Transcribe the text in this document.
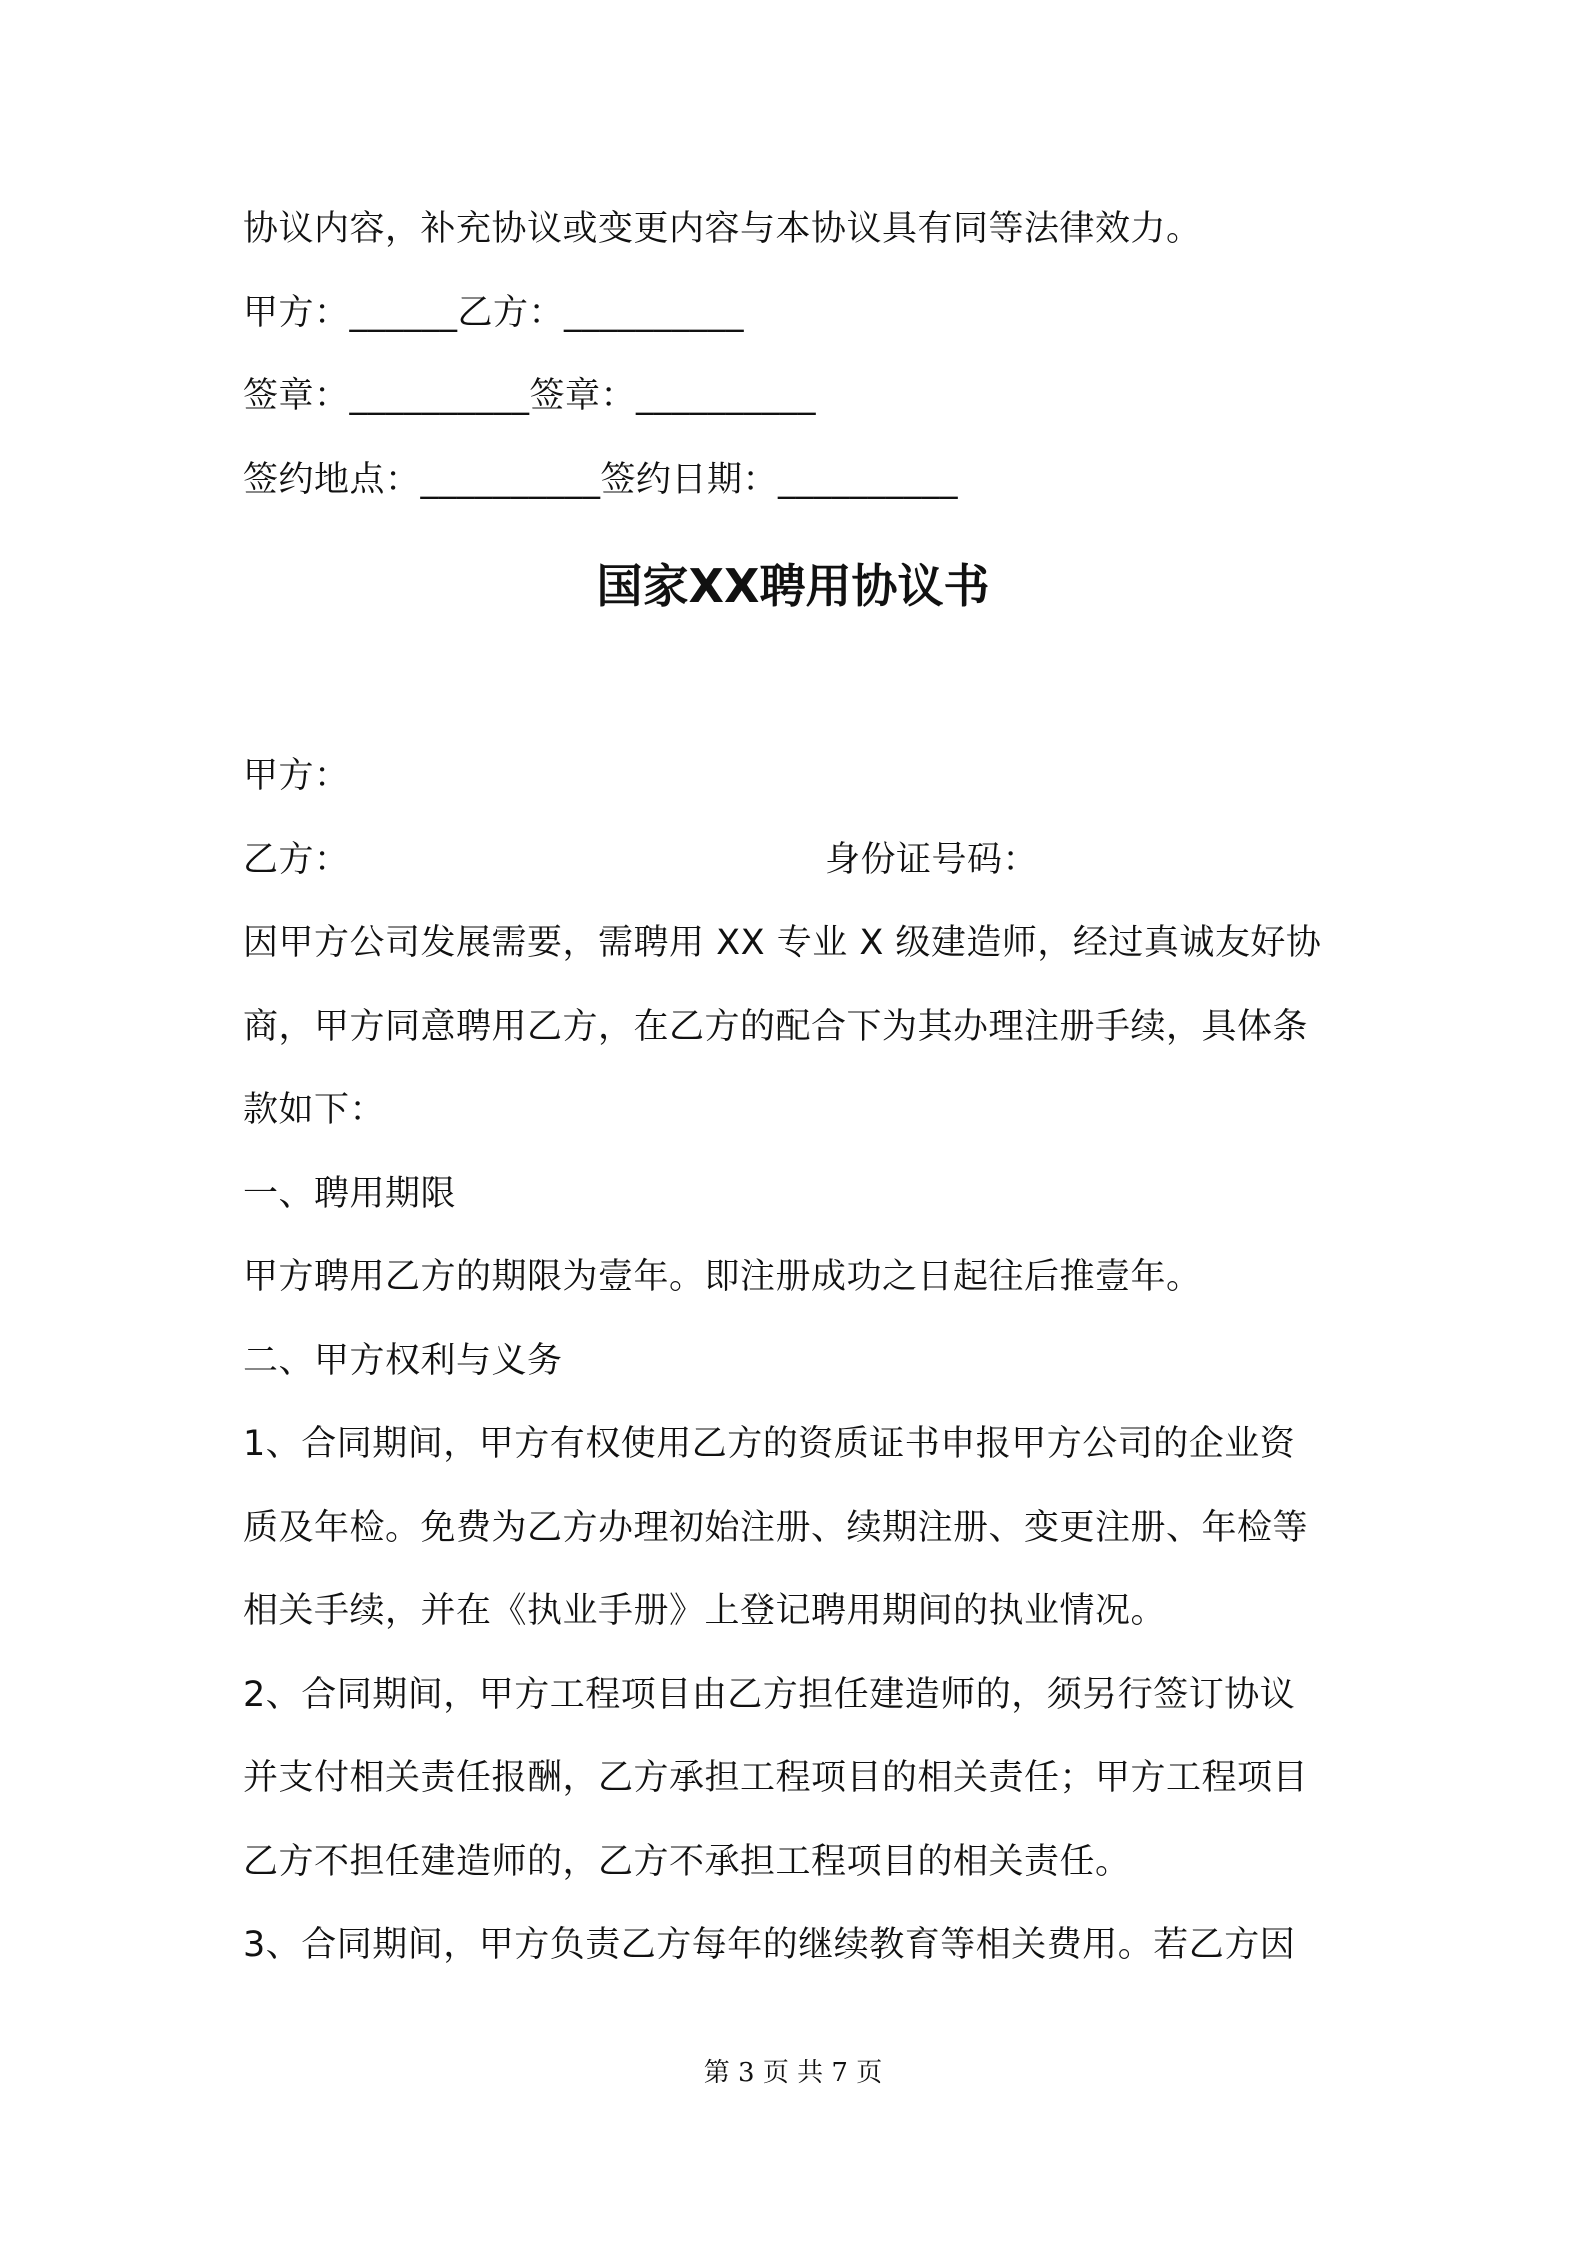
协议内容，补充协议或变更内容与本协议具有同等法律效力。
甲方：______乙方：__________
签章：__________签章：__________
签约地点：__________签约日期：__________
国家XX聘用协议书
甲方：
乙方：	身份证号码：
因甲方公司发展需要，需聘用 XX 专业 X 级建造师，经过真诚友好协
商，甲方同意聘用乙方，在乙方的配合下为其办理注册手续，具体条
款如下：
一、聘用期限
甲方聘用乙方的期限为壹年。即注册成功之日起往后推壹年。
二、甲方权利与义务
1、合同期间，甲方有权使用乙方的资质证书申报甲方公司的企业资
质及年检。免费为乙方办理初始注册、续期注册、变更注册、年检等
相关手续，并在《执业手册》上登记聘用期间的执业情况。
2、合同期间，甲方工程项目由乙方担任建造师的，须另行签订协议
并支付相关责任报酬，乙方承担工程项目的相关责任；甲方工程项目
乙方不担任建造师的，乙方不承担工程项目的相关责任。
3、合同期间，甲方负责乙方每年的继续教育等相关费用。若乙方因
第 3 页 共 7 页
